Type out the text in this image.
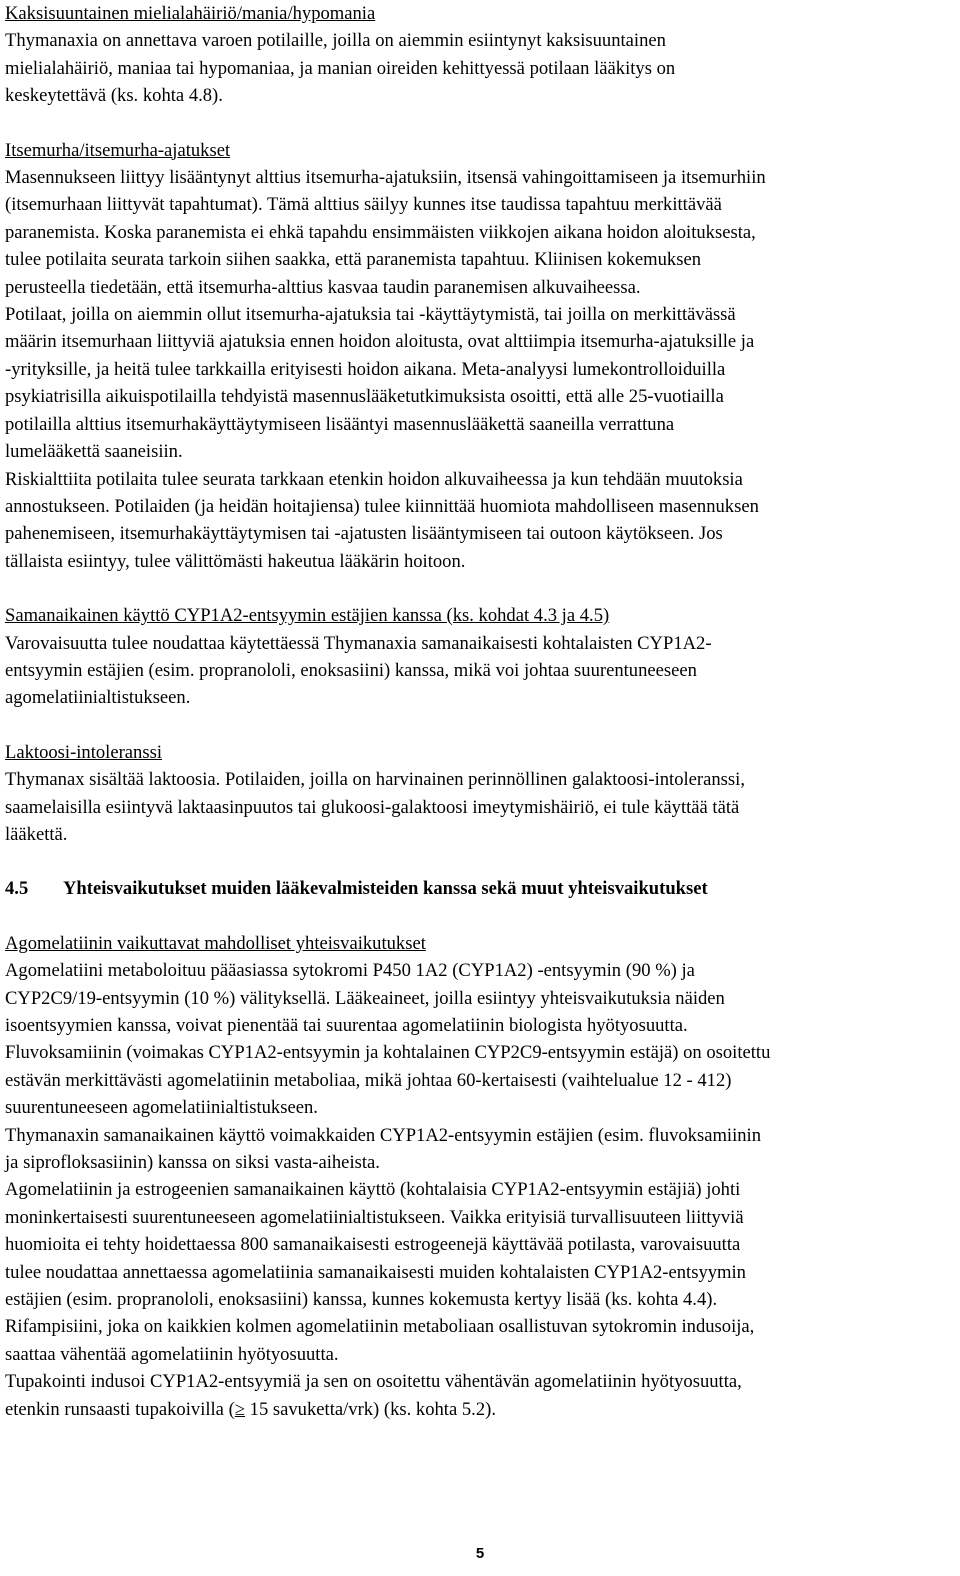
Kaksisuuntainen mielialahäiriö/mania/hypomania
Thymanaxia on annettava varoen potilaille, joilla on aiemmin esiintynyt kaksisuuntainen
mielialahäiriö, maniaa tai hypomaniaa, ja manian oireiden kehittyessä potilaan lääkitys on
keskeytettävä (ks. kohta 4.8).
Itsemurha/itsemurha-ajatukset
Masennukseen liittyy lisääntynyt alttius itsemurha-ajatuksiin, itsensä vahingoittamiseen ja itsemurhiin
(itsemurhaan liittyvät tapahtumat). Tämä alttius säilyy kunnes itse taudissa tapahtuu merkittävää
paranemista. Koska paranemista ei ehkä tapahdu ensimmäisten viikkojen aikana hoidon aloituksesta,
tulee potilaita seurata tarkoin siihen saakka, että paranemista tapahtuu. Kliinisen kokemuksen
perusteella tiedetään, että itsemurha-alttius kasvaa taudin paranemisen alkuvaiheessa.
Potilaat, joilla on aiemmin ollut itsemurha-ajatuksia tai -käyttäytymistä, tai joilla on merkittävässä
määrin itsemurhaan liittyviä ajatuksia ennen hoidon aloitusta, ovat alttiimpia itsemurha-ajatuksille ja
-yrityksille, ja heitä tulee tarkkailla erityisesti hoidon aikana. Meta-analyysi lumekontrolloiduilla
psykiatrisilla aikuispotilailla tehdyistä masennuslääketutkimuksista osoitti, että alle 25-vuotiailla
potilailla alttius itsemurhakäyttäytymiseen lisääntyi masennuslääkettä saaneilla verrattuna
lumelääkettä saaneisiin.
Riskialttiita potilaita tulee seurata tarkkaan etenkin hoidon alkuvaiheessa ja kun tehdään muutoksia
annostukseen. Potilaiden (ja heidän hoitajiensa) tulee kiinnittää huomiota mahdolliseen masennuksen
pahenemiseen, itsemurhakäyttäytymisen tai -ajatusten lisääntymiseen tai outoon käytökseen. Jos
tällaista esiintyy, tulee välittömästi hakeutua lääkärin hoitoon.
Samanaikainen käyttö CYP1A2-entsyymin estäjien kanssa (ks. kohdat 4.3 ja 4.5)
Varovaisuutta tulee noudattaa käytettäessä Thymanaxia samanaikaisesti kohtalaisten CYP1A2-
entsyymin estäjien (esim. propranololi, enoksasiini) kanssa, mikä voi johtaa suurentuneeseen
agomelatiinialtistukseen.
Laktoosi-intoleranssi
Thymanax sisältää laktoosia. Potilaiden, joilla on harvinainen perinnöllinen galaktoosi-intoleranssi,
saamelaisilla esiintyvä laktaasinpuutos tai glukoosi-galaktoosi imeytymishäiriö, ei tule käyttää tätä
lääkettä.
4.5 Yhteisvaikutukset muiden lääkevalmisteiden kanssa sekä muut yhteisvaikutukset
Agomelatiinin vaikuttavat mahdolliset yhteisvaikutukset
Agomelatiini metaboloituu pääasiassa sytokromi P450 1A2 (CYP1A2) -entsyymin (90 %) ja
CYP2C9/19-entsyymin (10 %) välityksellä. Lääkeaineet, joilla esiintyy yhteisvaikutuksia näiden
isoentsyymien kanssa, voivat pienentää tai suurentaa agomelatiinin biologista hyötyosuutta.
Fluvoksamiinin (voimakas CYP1A2-entsyymin ja kohtalainen CYP2C9-entsyymin estäjä) on osoitettu
estävän merkittävästi agomelatiinin metaboliaa, mikä johtaa 60-kertaisesti (vaihtelualue 12 - 412)
suurentuneeseen agomelatiinialtistukseen.
Thymanaxin samanaikainen käyttö voimakkaiden CYP1A2-entsyymin estäjien (esim. fluvoksamiinin
ja siprofloksasiinin) kanssa on siksi vasta-aiheista.
Agomelatiinin ja estrogeenien samanaikainen käyttö (kohtalaisia CYP1A2-entsyymin estäjiä) johti
moninkertaisesti suurentuneeseen agomelatiinialtistukseen. Vaikka erityisiä turvallisuuteen liittyviä
huomioita ei tehty hoidettaessa 800 samanaikaisesti estrogeenejä käyttävää potilasta, varovaisuutta
tulee noudattaa annettaessa agomelatiinia samanaikaisesti muiden kohtalaisten CYP1A2-entsyymin
estäjien (esim. propranololi, enoksasiini) kanssa, kunnes kokemusta kertyy lisää (ks. kohta 4.4).
Rifampisiini, joka on kaikkien kolmen agomelatiinin metaboliaan osallistuvan sytokromin indusoija,
saattaa vähentää agomelatiinin hyötyosuutta.
Tupakointi indusoi CYP1A2-entsyymiä ja sen on osoitettu vähentävän agomelatiinin hyötyosuutta,
etenkin runsaasti tupakoivilla (≥ 15 savuketta/vrk) (ks. kohta 5.2).
5
